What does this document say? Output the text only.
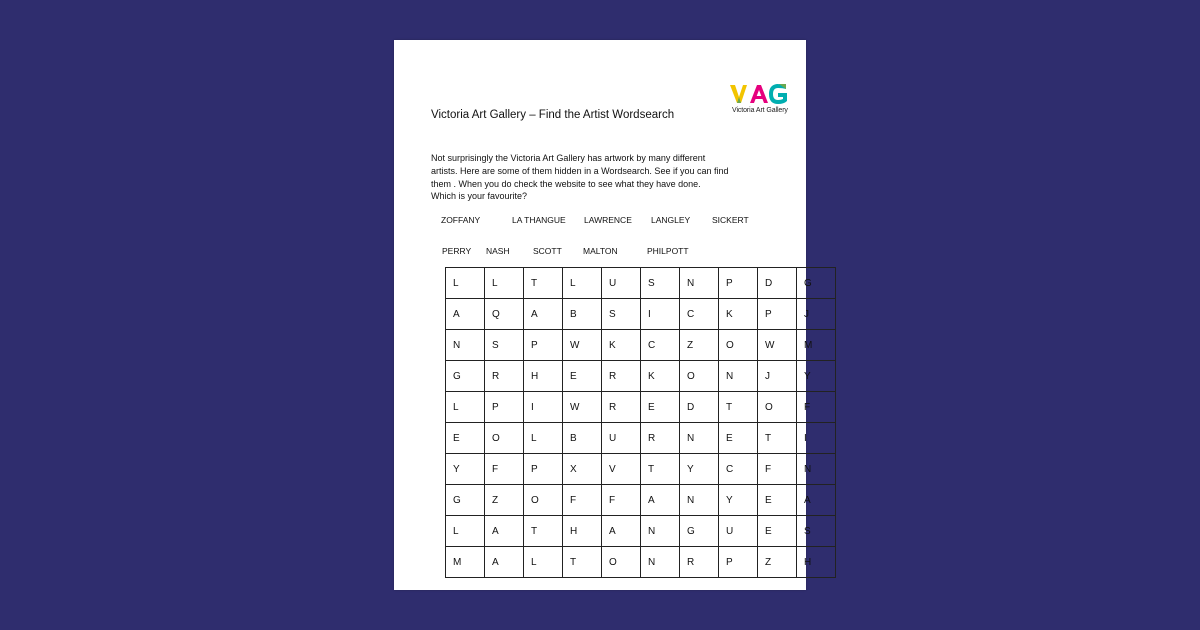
Victoria Art Gallery
Victoria Art Gallery – Find the Artist Wordsearch
Not surprisingly the Victoria Art Gallery has artwork by many different
artists. Here are some of them hidden in a Wordsearch. See if you can find
them . When you do check the website to see what they have done.
Which is your favourite?
ZOFFANY	LA THANGUE LAWRENCE LANGLEY	SICKERT
PERRY NASH	SCOTT MALTON	PHILPOTT
L	L	T	L	U	S	N	P	D	G
A	Q	A	B	S	I	C	K	P	J
N	S	P	W	K	C	Z	O	W	M
G	R	H	E	R	K	O	N	J	Y
L	P	I	W	R	E	D	T	O	F
E	O	L	B	U	R	N	E	T	I
Y	F	P	X	V	T	Y	C	F	N
G	Z	O	F	F	A	N	Y	E	A
L	A	T	H	A	N	G	U	E	S
M	A	L	T	O	N	R	P	Z	H
